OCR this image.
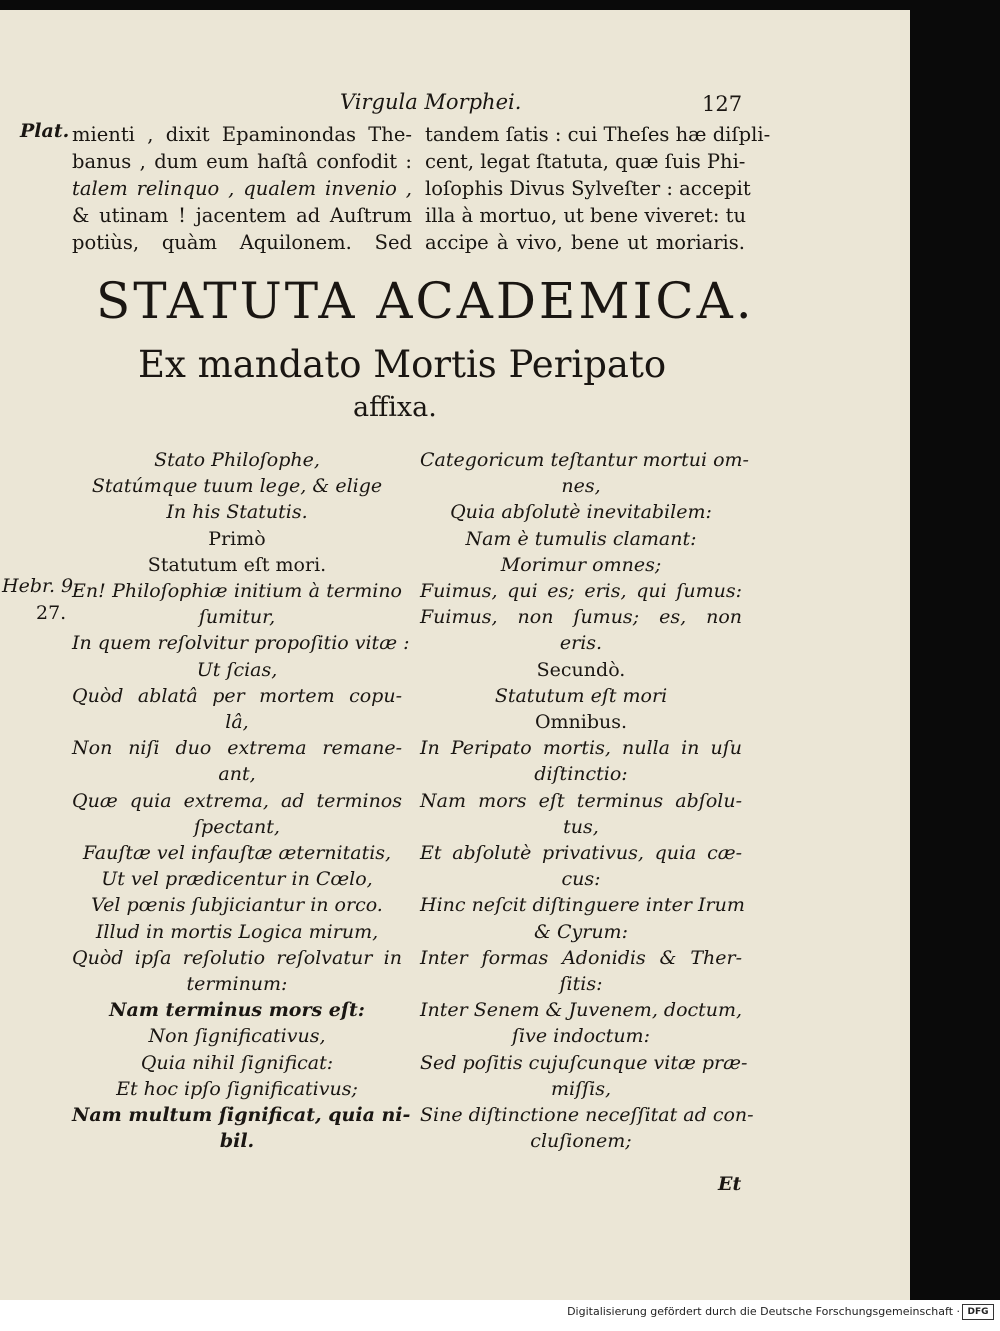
Virgula Morphei.	127
Plat. mienti , dixit Epaminondas The-
banus , dum eum haſtâ confodit :
talem relinquo , qualem invenio ,
& utinam ! jacentem ad Auſtrum
potiùs, quàm Aquilonem. Sed
tandem ſatis : cui Theſes hæ diſpli-
cent, legat ſtatuta, quæ ſuis Phi-
loſophis Divus Sylveſter : accepit
illa à mortuo, ut bene viveret: tu
accipe à vivo, bene ut moriaris.
STATUTA ACADEMICA.
Ex mandato Mortis Peripato
affixa.
Hebr. 9.
27.
Stato Philoſophe,
Statúmque tuum lege, & elige
In his Statutis.
Primò
Statutum eſt mori.
En! Philoſophiæ initium à termino
ſumitur,
In quem reſolvitur propoſitio vitæ :
Ut ſcias,
Quòd ablatâ per mortem copu-
lâ,
Non niſi duo extrema remane-
ant,
Quæ quia extrema, ad terminos
ſpectant,
Fauſtæ vel infauſtæ æternitatis,
Ut vel prædicentur in Cœlo,
Vel pœnis ſubjiciantur in orco.
Illud in mortis Logica mirum,
Quòd ipſa reſolutio reſolvatur in
terminum:
Nam terminus mors eſt:
Non ſignificativus,
Quia nihil ſignificat:
Et hoc ipſo ſignificativus;
Nam multum ſignificat, quia ni-
bil.
Categoricum teſtantur mortui om-
nes,
Quia abſolutè inevitabilem:
Nam è tumulis clamant:
Morimur omnes;
Fuimus, qui es; eris, qui ſumus:
Fuimus, non ſumus; es, non
eris.
Secundò.
Statutum eſt mori
Omnibus.
In Peripato mortis, nulla in uſu
diſtinctio:
Nam mors eſt terminus abſolu-
tus,
Et abſolutè privativus, quia cæ-
cus:
Hinc neſcit diſtinguere inter Irum
& Cyrum:
Inter formas Adonidis & Ther-
ſitis:
Inter Senem & Juvenem, doctum,
ſive indoctum:
Sed poſitis cujuſcunque vitæ præ-
miſſis,
Sine diſtinctione neceſſitat ad con-
cluſionem;
Et
Digitalisierung gefördert durch die Deutsche Forschungsgemeinschaft · DFG
